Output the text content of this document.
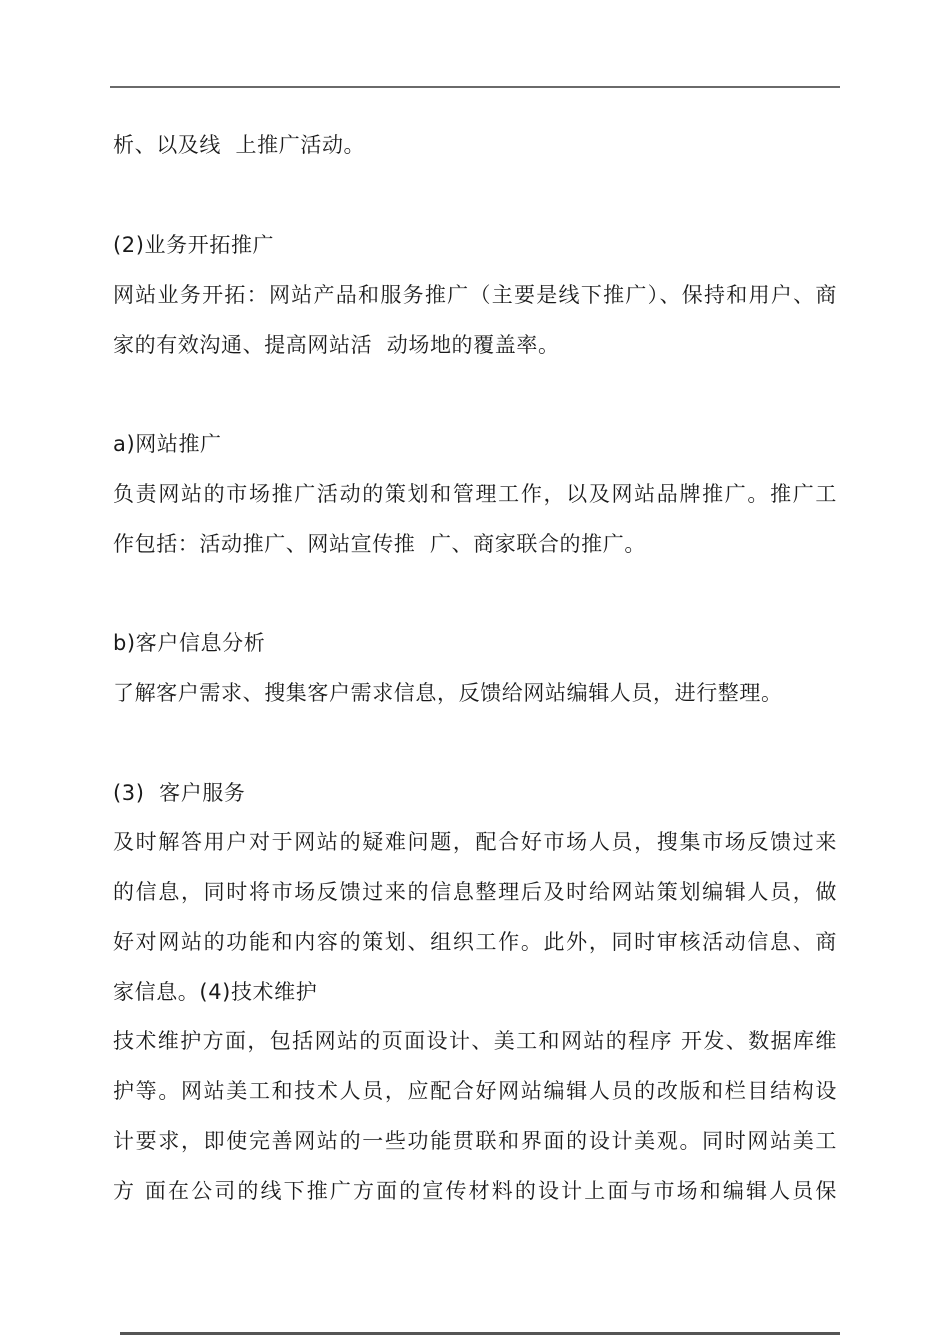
析、以及线  上推广活动。
(2)业务开拓推广
网站业务开拓：网站产品和服务推广（主要是线下推广）、保持和用户、商
家的有效沟通、提高网站活  动场地的覆盖率。
a)网站推广
负责网站的市场推广活动的策划和管理工作，以及网站品牌推广。推广工
作包括：活动推广、网站宣传推  广、商家联合的推广。
b)客户信息分析
了解客户需求、搜集客户需求信息，反馈给网站编辑人员，进行整理。
(3)  客户服务
及时解答用户对于网站的疑难问题，配合好市场人员，搜集市场反馈过来
的信息，同时将市场反馈过来的信息整理后及时给网站策划编辑人员，做
好对网站的功能和内容的策划、组织工作。此外，同时审核活动信息、商
家信息。(4)技术维护
技术维护方面，包括网站的页面设计、美工和网站的程序 开发、数据库维
护等。网站美工和技术人员，应配合好网站编辑人员的改版和栏目结构设
计要求，即使完善网站的一些功能贯联和界面的设计美观。同时网站美工
方 面在公司的线下推广方面的宣传材料的设计上面与市场和编辑人员保
